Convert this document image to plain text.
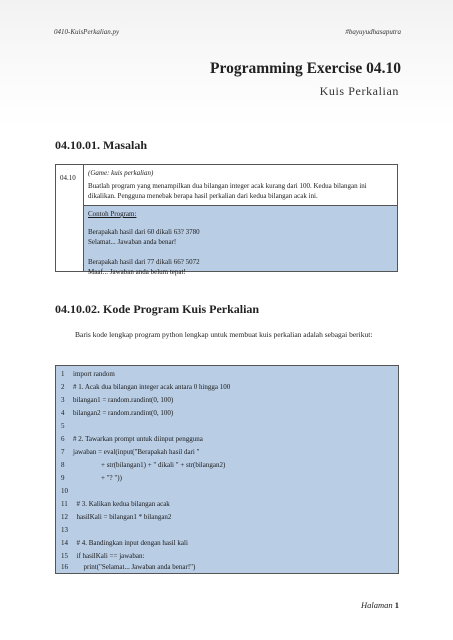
0410-KuisPerkalian.py	#bayuyudhasaputra
Programming Exercise 04.10
Kuis Perkalian
04.10.01. Masalah
04.10
(Game: kuis perkalian)
Buatlah program yang menampilkan dua bilangan integer acak kurang dari 100. Kedua bilangan ini dikalikan. Pengguna menebak berapa hasil perkalian dari kedua bilangan acak ini.
Contoh Program:
Berapakah hasil dari 60 dikali 63? 3780
Selamat... Jawaban anda benar!
Berapakah hasil dari 77 dikali 66? 5072
Maaf... Jawaban anda belum tepat!
04.10.02. Kode Program Kuis Perkalian
Baris kode lengkap program python lengkap untuk membuat kuis perkalian adalah sebagai berikut:
1 import random
2 # 1. Acak dua bilangan integer acak antara 0 hingga 100
3 bilangan1 = random.randint(0, 100)
4 bilangan2 = random.randint(0, 100)
5
6 # 2. Tawarkan prompt untuk diinput pengguna
7 jawaban = eval(input("Berapakah hasil dari "
8 + str(bilangan1) + " dikali " + str(bilangan2)
9 + "? "))
10
11 # 3. Kalikan kedua bilangan acak
12 hasilKali = bilangan1 * bilangan2
13
14 # 4. Bandingkan input dengan hasil kali
15 if hasilKali == jawaban:
16 print("Selamat... Jawaban anda benar!")
Halaman 1
